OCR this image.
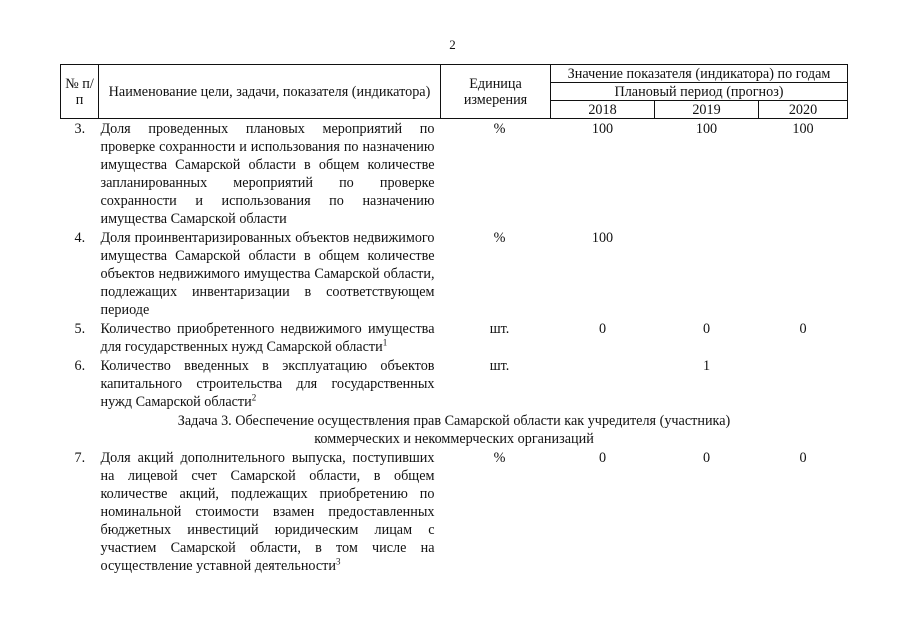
2
№ п/п	Наименование цели, задачи, показателя (индикатора)	Единица измерения	Значение показателя (индикатора) по годам		
			Плановый период (прогноз)		
			2018	2019	2020
3.	Доля проведенных плановых мероприятий по проверке сохранности и использования по назначению имущества Самарской области в общем количестве запланированных мероприятий по проверке сохранности и использования по назначению имущества Самарской области	%	100	100	100
4.	Доля проинвентаризированных объектов недвижимого имущества Самарской области в общем количестве объектов недвижимого имущества Самарской области, подлежащих инвентаризации в соответствующем периоде	%	100		
5.	Количество приобретенного недвижимого имущества для государственных нужд Самарской области$^1$	шт.	0	0	0
6.	Количество введенных в эксплуатацию объектов капитального строительства для государственных нужд Самарской области$^2$	шт.		1	

Задача 3. Обеспечение осуществления прав Самарской области как учредителя (участника)
коммерческих и некоммерческих организаций					

7.	Доля акций дополнительного выпуска, поступивших на лицевой счет Самарской области, в общем количестве акций, подлежащих приобретению по номинальной стоимости взамен предоставленных бюджетных инвестиций юридическим лицам с участием Самарской области, в том числе на осуществление уставной деятельности$^3$	%	0	0	0
